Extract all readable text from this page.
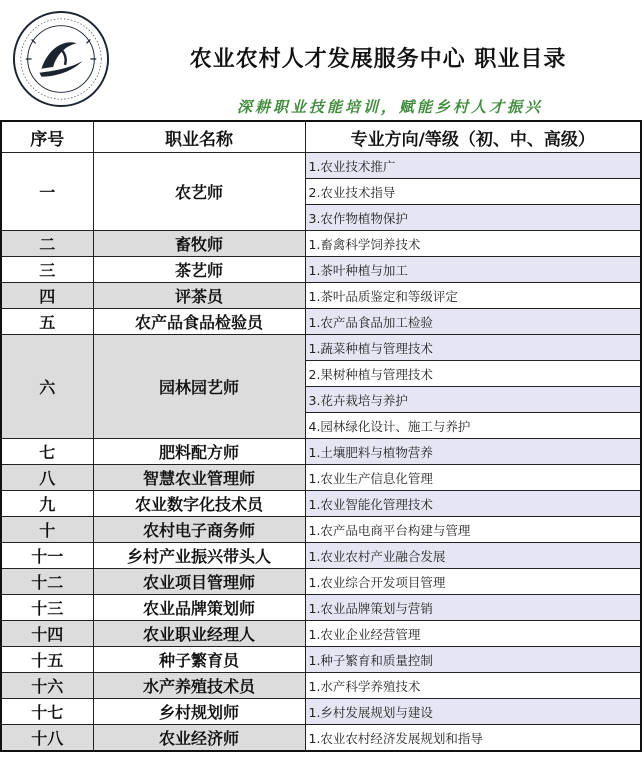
农业农村人才发展服务中心 职业目录
深耕职业技能培训，赋能乡村人才振兴
序号	职业名称	专业方向/等级（初、中、高级）
一	农艺师	1.农业技术推广
		2.农业技术指导
		3.农作物植物保护
二	畜牧师	1.畜禽科学饲养技术
三	茶艺师	1.茶叶种植与加工
四	评茶员	1.茶叶品质鉴定和等级评定
五	农产品食品检验员	1.农产品食品加工检验
六	园林园艺师	1.蔬菜种植与管理技术
		2.果树种植与管理技术
		3.花卉栽培与养护
		4.园林绿化设计、施工与养护
七	肥料配方师	1.土壤肥料与植物营养
八	智慧农业管理师	1.农业生产信息化管理
九	农业数字化技术员	1.农业智能化管理技术
十	农村电子商务师	1.农产品电商平台构建与管理
十一	乡村产业振兴带头人	1.农业农村产业融合发展
十二	农业项目管理师	1.农业综合开发项目管理
十三	农业品牌策划师	1.农业品牌策划与营销
十四	农业职业经理人	1.农业企业经营管理
十五	种子繁育员	1.种子繁育和质量控制
十六	水产养殖技术员	1.水产科学养殖技术
十七	乡村规划师	1.乡村发展规划与建设
十八	农业经济师	1.农业农村经济发展规划和指导
